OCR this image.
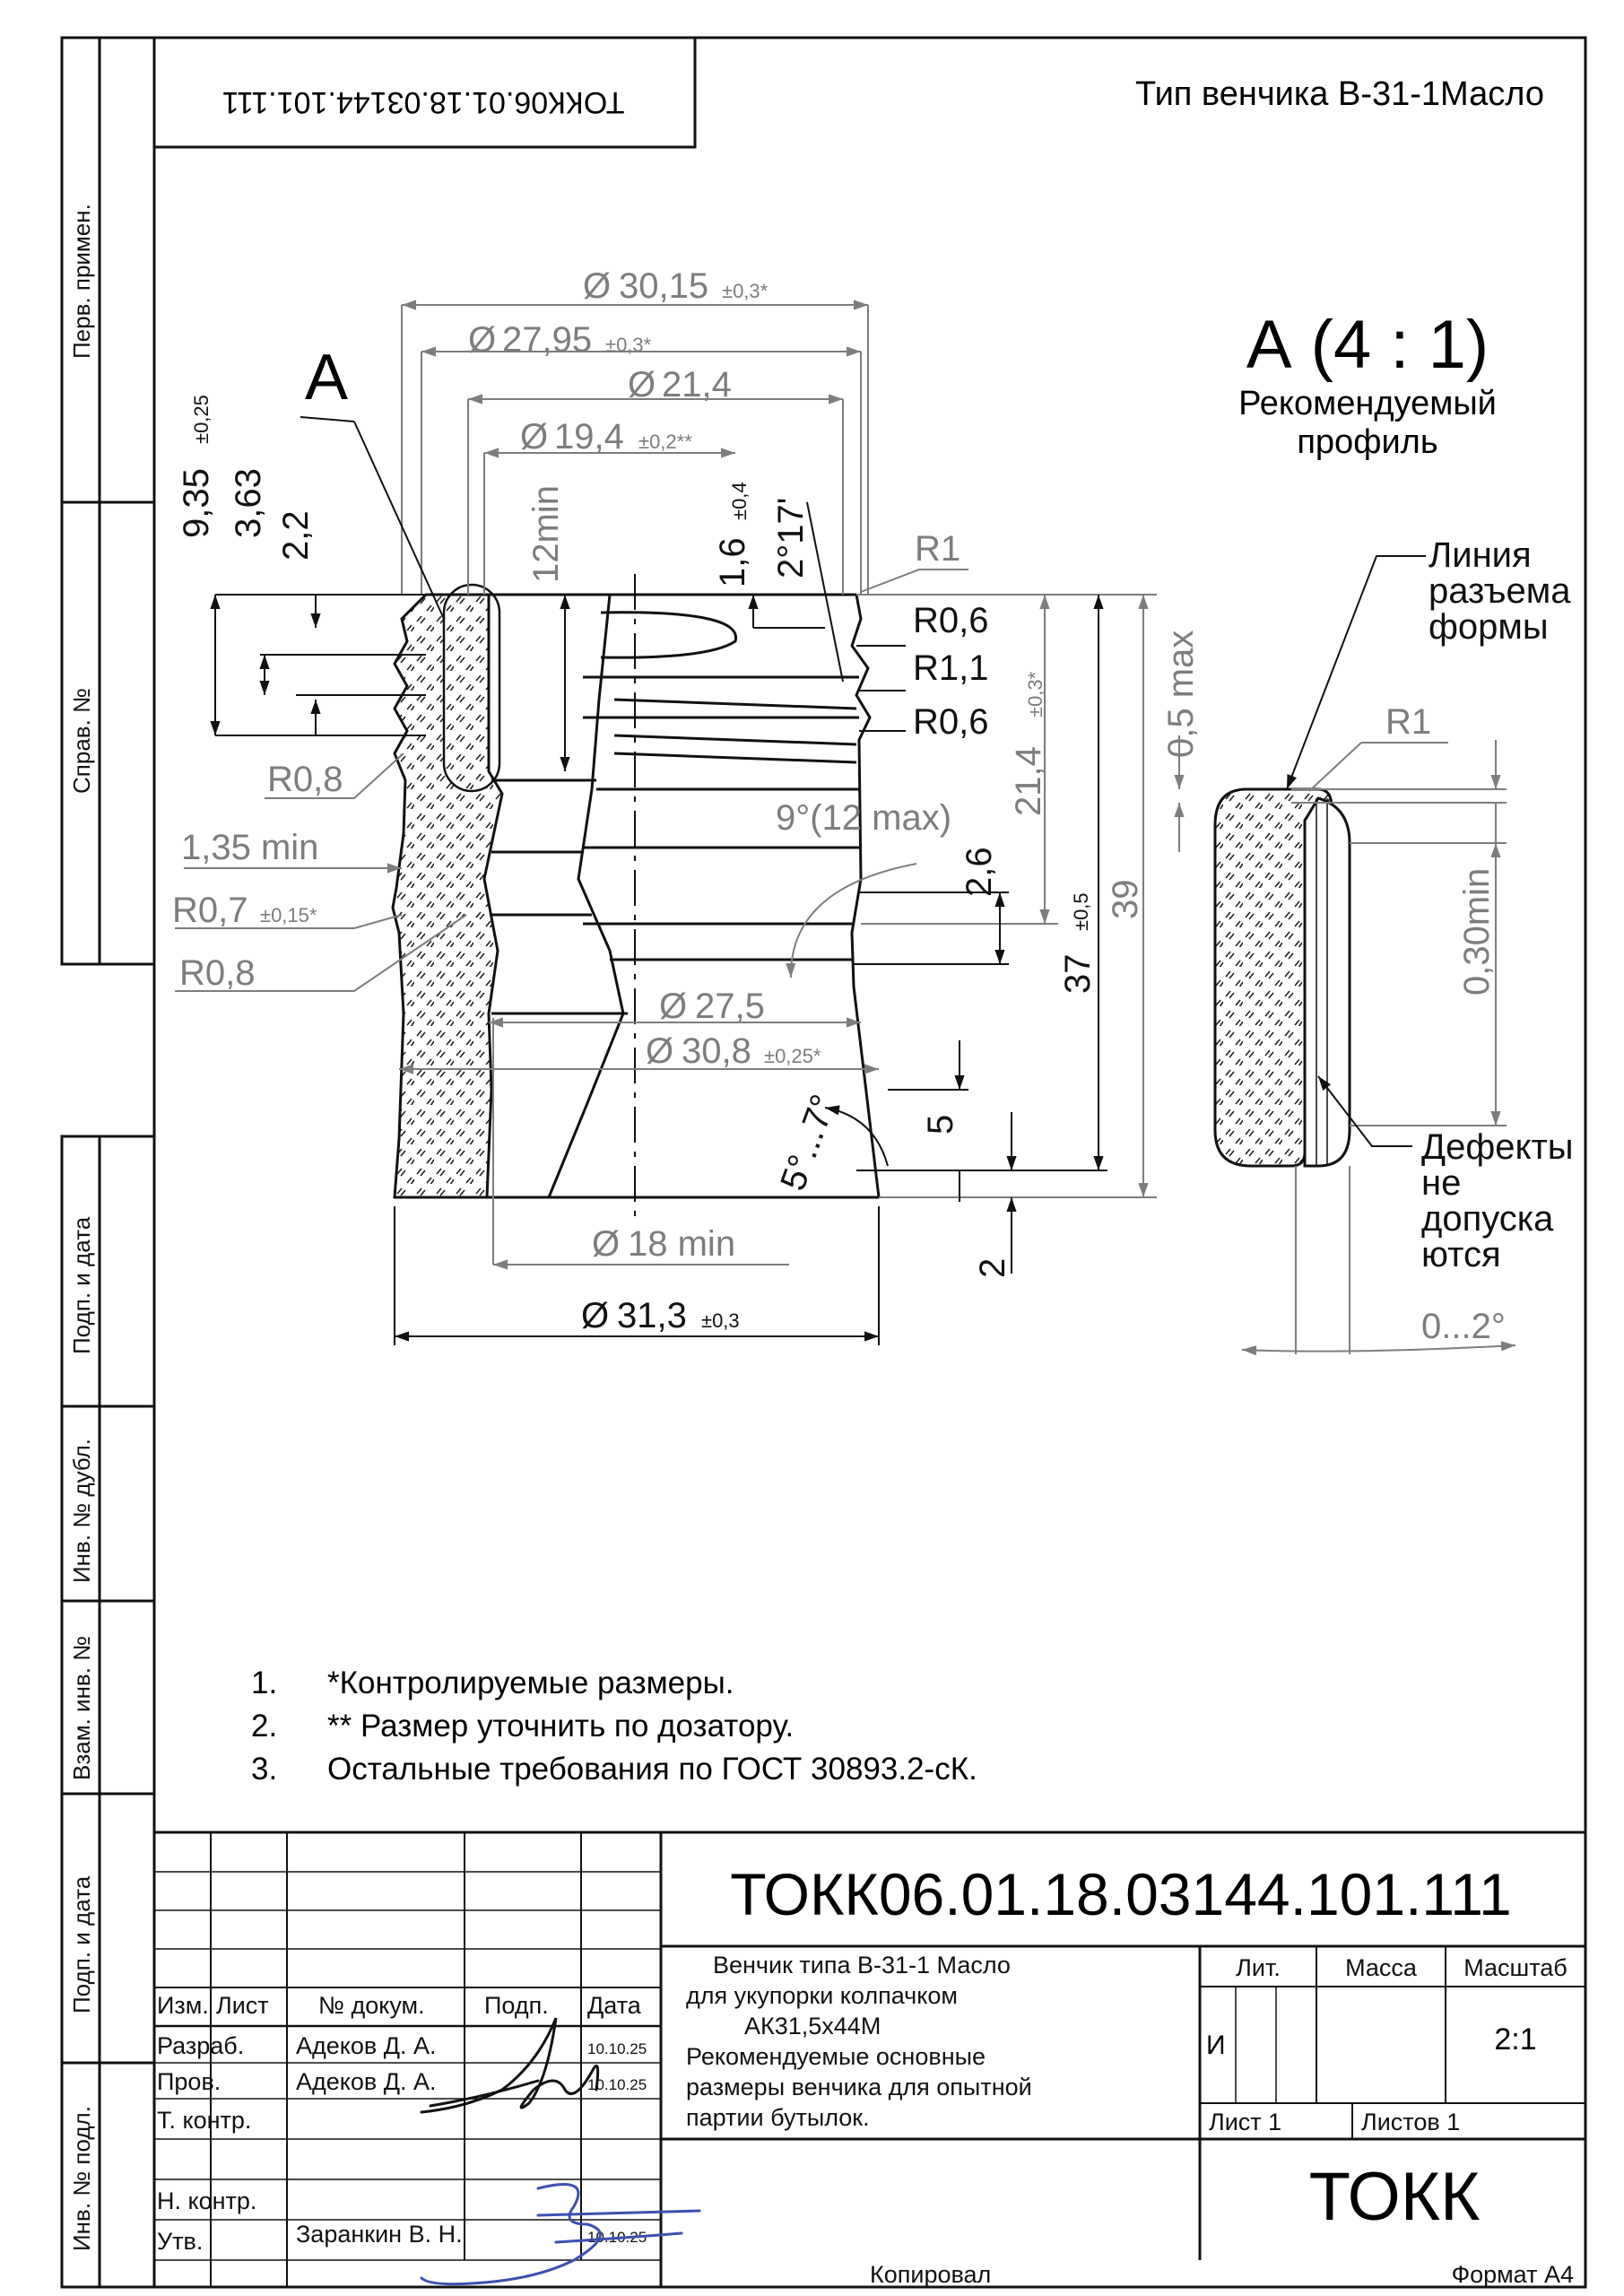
Перв. примен.
Справ. №
Подп. и дата
Инв. № дубл.
Взам. инв. №
Подп. и дата
Инв. № подл.
ТОКК06.01.18.03144.101.111	Тип венчика В-31-1Масло
А
Ø 30,15 ±0,3*
Ø 27,95 ±0,3*
Ø 21,4
Ø 19,4 ±0,2**
9,35
±0,25
3,63 2,2	12min	1,6
±0,4 2°17'	R1
R0,6
R1,1
R0,6
R0,8
1,35 min
R0,7 ±0,15*
R0,8
9°(12 max)
21,4
±0,3*
2,6
37
±0,5 39
Ø 27,5
Ø 30,8 ±0,25*
5°...7° 5
2
Ø 18 min
Ø 31,3 ±0,3
А (4 : 1)
Рекомендуемый
профиль
Линия
разъема
формы
R1
0,5 max
0,30min
Дефекты
не
допуска
ются
0...2°
1. *Контролируемые размеры.
2. ** Размер уточнить по дозатору.
3. Остальные требования по ГОСТ 30893.2-сК.
ТОКК06.01.18.03144.101.111
Венчик типа В-31-1 Масло
для укупорки колпачком
АК31,5х44М
Рекомендуемые основные
размеры венчика для опытной
партии бутылок.
Изм. Лист № докум. Подп. Дата
Разраб. Адеков Д. А.	10.10.25
Пров.	Адеков Д. А.	10.10.25
Т. контр.
Н. контр.
Утв.	Заранкин В. Н.	10.10.25
Лит.	Масса Масштаб
И	2:1
Лист 1	Листов 1
ТОКК
Копировал	Формат А4
